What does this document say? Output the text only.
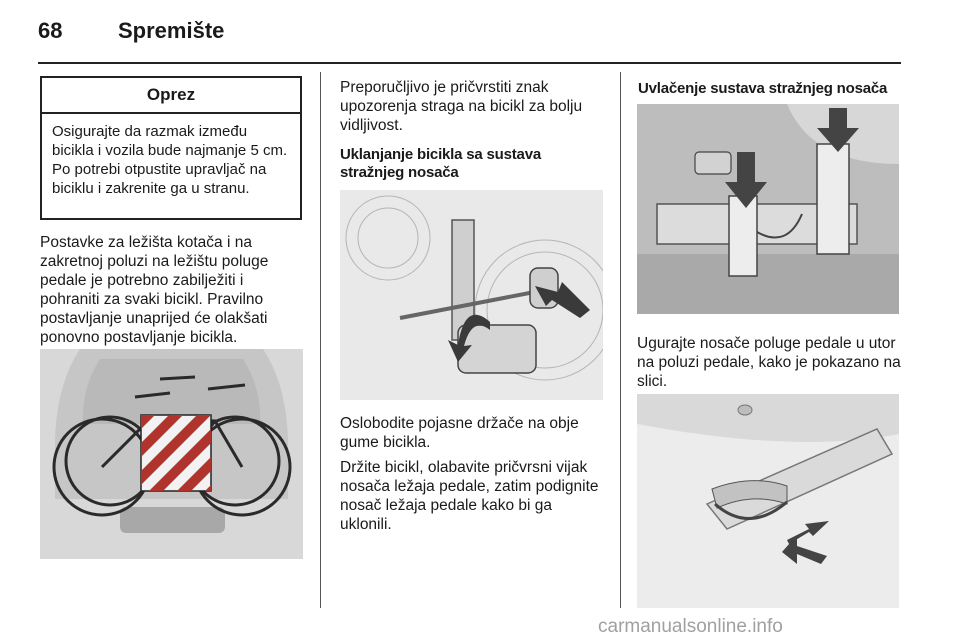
68	Spremište
Oprez
Osigurajte da razmak između bicikla i vozila bude najmanje 5 cm. Po potrebi otpustite upravljač na biciklu i zakrenite ga u stranu.
Postavke za ležišta kotača i na zakretnoj poluzi na ležištu poluge pedale je potrebno zabilježiti i pohraniti za svaki bicikl. Pravilno postavljanje unaprijed će olakšati ponovno postavljanje bicikla.
Preporučljivo je pričvrstiti znak upozorenja straga na bicikl za bolju vidljivost.
Uklanjanje bicikla sa sustava stražnjeg nosača
Oslobodite pojasne držače na obje gume bicikla.
Držite bicikl, olabavite pričvrsni vijak nosača ležaja pedale, zatim podignite nosač ležaja pedale kako bi ga uklonili.
Uvlačenje sustava stražnjeg nosača
Ugurajte nosače poluge pedale u utor na poluzi pedale, kako je pokazano na slici.
carmanualsonline.info
